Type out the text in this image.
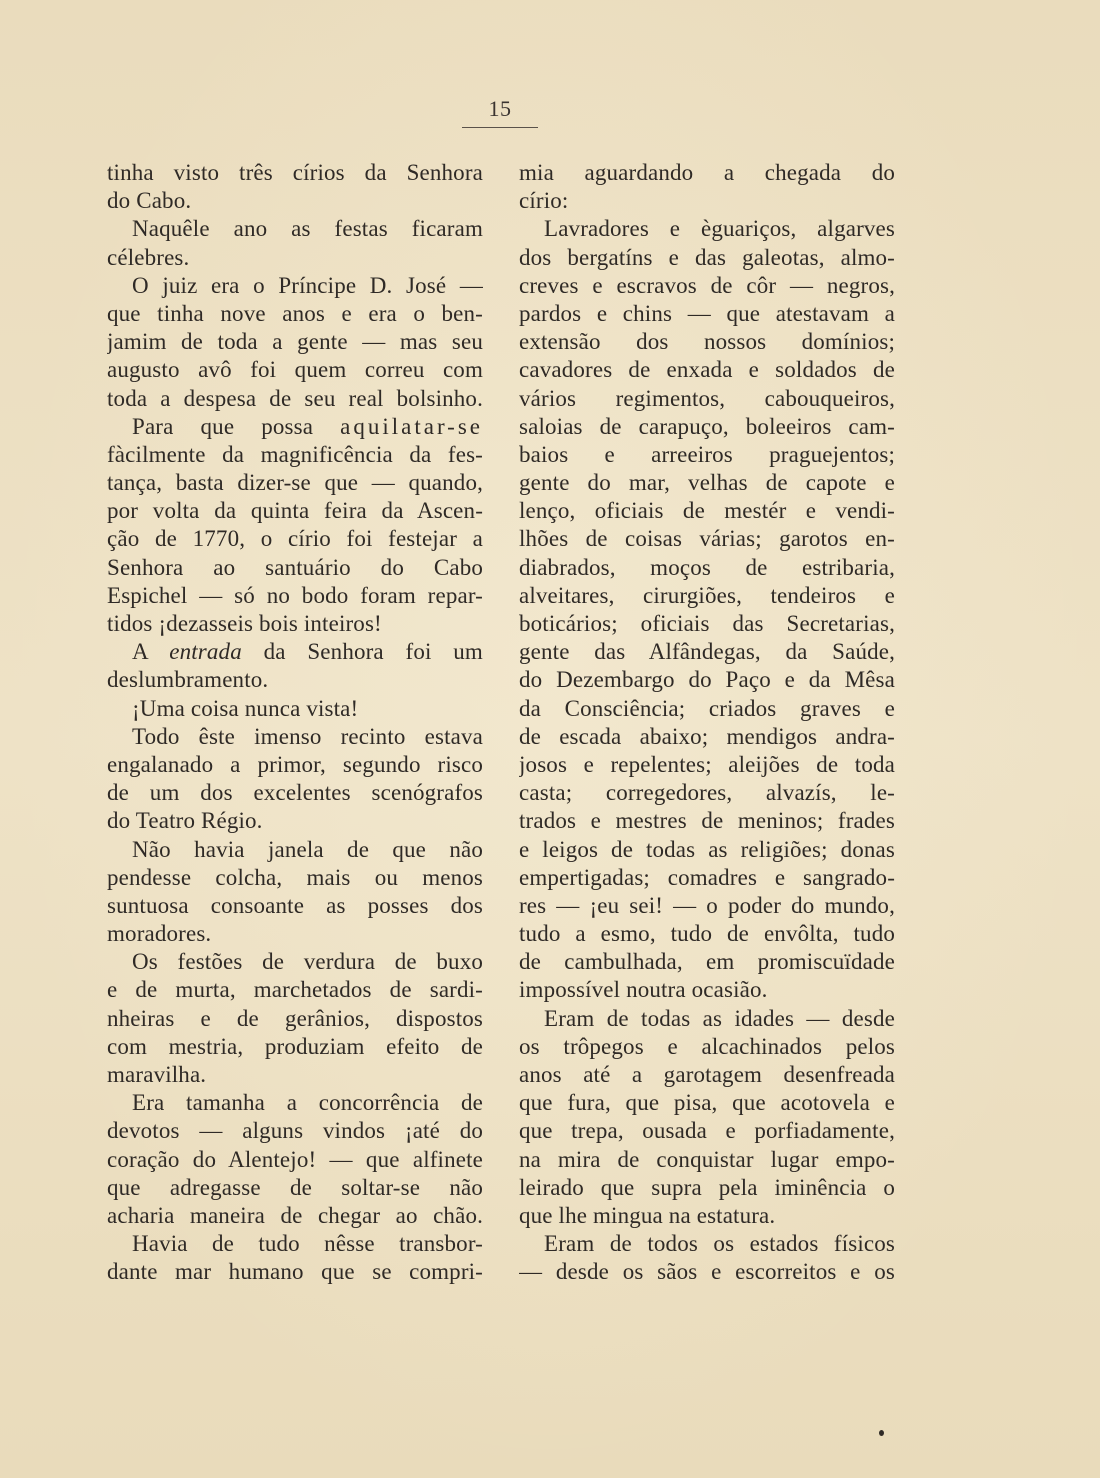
15
tinha visto três círios da Senhora
do Cabo.
Naquêle ano as festas ficaram
célebres.
O juiz era o Príncipe D. José —
que tinha nove anos e era o ben-
jamim de toda a gente — mas seu
augusto avô foi quem correu com
toda a despesa de seu real bolsinho.
Para que possa aquilatar-se
fàcilmente da magnificência da fes-
tança, basta dizer-se que — quando,
por volta da quinta feira da Ascen-
ção de 1770, o círio foi festejar a
Senhora ao santuário do Cabo
Espichel — só no bodo foram repar-
tidos ¡dezasseis bois inteiros!
A entrada da Senhora foi um
deslumbramento.
¡Uma coisa nunca vista!
Todo êste imenso recinto estava
engalanado a primor, segundo risco
de um dos excelentes scenógrafos
do Teatro Régio.
Não havia janela de que não
pendesse colcha, mais ou menos
suntuosa consoante as posses dos
moradores.
Os festões de verdura de buxo
e de murta, marchetados de sardi-
nheiras e de gerânios, dispostos
com mestria, produziam efeito de
maravilha.
Era tamanha a concorrência de
devotos — alguns vindos ¡até do
coração do Alentejo! — que alfinete
que adregasse de soltar-se não
acharia maneira de chegar ao chão.
Havia de tudo nêsse transbor-
dante mar humano que se compri-
mia aguardando a chegada do
círio:
Lavradores e èguariços, algarves
dos bergatíns e das galeotas, almo-
creves e escravos de côr — negros,
pardos e chins — que atestavam a
extensão dos nossos domínios;
cavadores de enxada e soldados de
vários regimentos, cabouqueiros,
saloias de carapuço, boleeiros cam-
baios e arreeiros praguejentos;
gente do mar, velhas de capote e
lenço, oficiais de mestér e vendi-
lhões de coisas várias; garotos en-
diabrados, moços de estribaria,
alveitares, cirurgiões, tendeiros e
boticários; oficiais das Secretarias,
gente das Alfândegas, da Saúde,
do Dezembargo do Paço e da Mêsa
da Consciência; criados graves e
de escada abaixo; mendigos andra-
josos e repelentes; aleijões de toda
casta; corregedores, alvazís, le-
trados e mestres de meninos; frades
e leigos de todas as religiões; donas
empertigadas; comadres e sangrado-
res — ¡eu sei! — o poder do mundo,
tudo a esmo, tudo de envôlta, tudo
de cambulhada, em promiscuïdade
impossível noutra ocasião.
Eram de todas as idades — desde
os trôpegos e alcachinados pelos
anos até a garotagem desenfreada
que fura, que pisa, que acotovela e
que trepa, ousada e porfiadamente,
na mira de conquistar lugar empo-
leirado que supra pela iminência o
que lhe mingua na estatura.
Eram de todos os estados físicos
— desde os sãos e escorreitos e os
